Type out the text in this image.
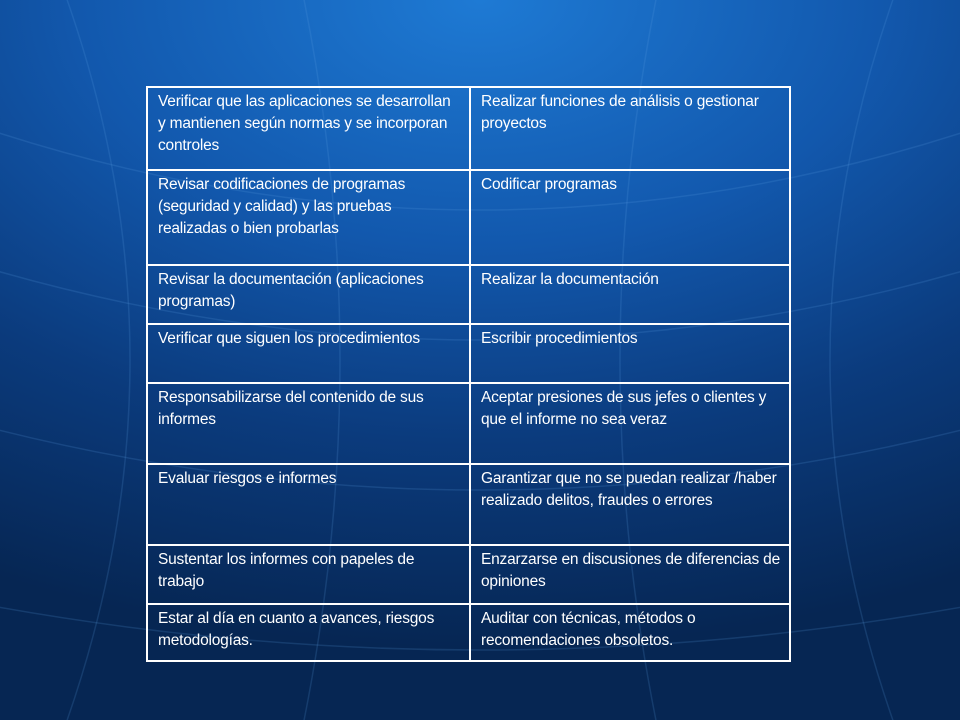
Verificar que las aplicaciones se desarrollan y mantienen según normas y se incorporan controles	Realizar funciones de análisis o gestionar proyectos
Revisar codificaciones de programas (seguridad y calidad) y las pruebas realizadas o bien probarlas	Codificar programas
Revisar la documentación (aplicaciones programas)	Realizar la documentación
Verificar que siguen los procedimientos	Escribir procedimientos
Responsabilizarse del contenido de sus informes	Aceptar presiones de sus jefes o clientes y que el informe no sea veraz
Evaluar riesgos e informes	Garantizar que no se puedan realizar /haber realizado delitos, fraudes o errores
Sustentar los informes con papeles de trabajo	Enzarzarse en discusiones de diferencias de opiniones
Estar al día en cuanto a avances, riesgos metodologías.	Auditar con técnicas, métodos o recomendaciones obsoletos.
